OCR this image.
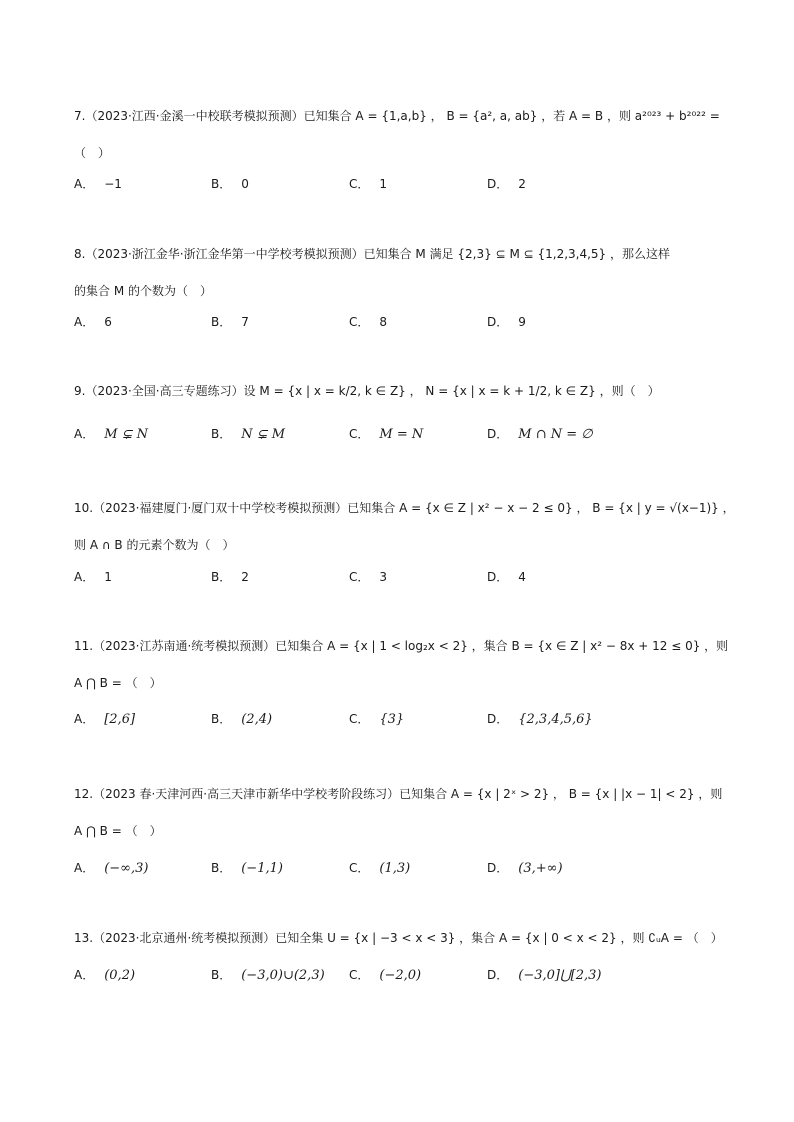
7.（2023·江西·金溪一中校联考模拟预测）已知集合 A = {1,a,b} ， B = {a², a, ab} ，若 A = B ，则 a²⁰²³ + b²⁰²² =
（　）
A． −1	B． 0	C． 1	D． 2
8.（2023·浙江金华·浙江金华第一中学校考模拟预测）已知集合 M 满足 {2,3} ⊆ M ⊆ {1,2,3,4,5} ，那么这样
的集合 M 的个数为（　）
A． 6	B． 7	C． 8	D． 9
9.（2023·全国·高三专题练习）设 M = {x | x = k/2, k ∈ Z} ， N = {x | x = k + 1/2, k ∈ Z} ，则（　）
A． M ⊊ N	B． N ⊊ M	C． M = N	D． M ∩ N = ∅
10.（2023·福建厦门·厦门双十中学校考模拟预测）已知集合 A = {x ∈ Z | x² − x − 2 ≤ 0} ， B = {x | y = √(x−1)} ，
则 A ∩ B 的元素个数为（　）
A． 1	B． 2	C． 3	D． 4
11.（2023·江苏南通·统考模拟预测）已知集合 A = {x | 1 < log₂x < 2} ，集合 B = {x ∈ Z | x² − 8x + 12 ≤ 0} ，则
A ⋂ B = （　）
A． [2,6]	B． (2,4)	C． {3}	D． {2,3,4,5,6}
12.（2023 春·天津河西·高三天津市新华中学校考阶段练习）已知集合 A = {x | 2ˣ > 2} ， B = {x | |x − 1| < 2} ，则
A ⋂ B = （　）
A． (−∞,3)	B． (−1,1)	C． (1,3)	D． (3,+∞)
13.（2023·北京通州·统考模拟预测）已知全集 U = {x | −3 < x < 3} ，集合 A = {x | 0 < x < 2} ，则 ∁ᵤA = （　）
A． (0,2)	B． (−3,0)∪(2,3) C． (−2,0)	D． (−3,0]⋃[2,3)
